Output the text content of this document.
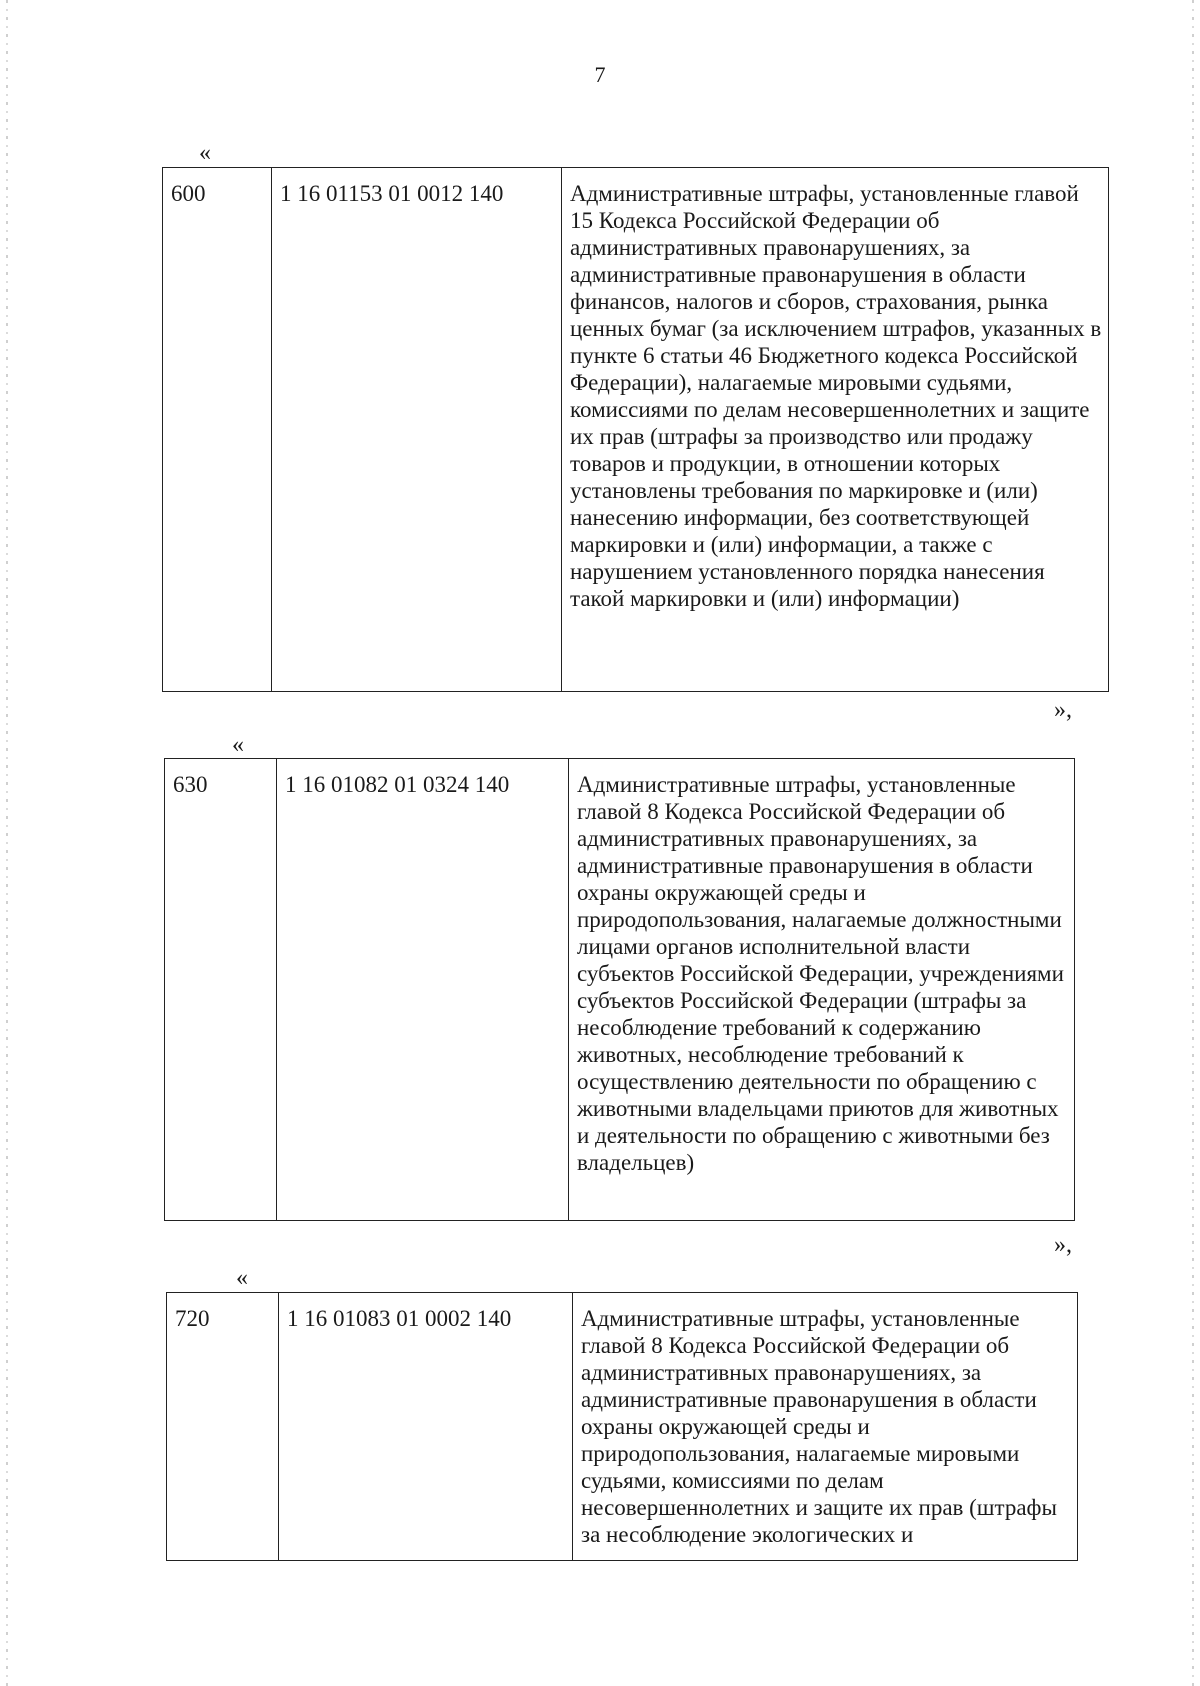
7
«
600	1 16 01153 01 0012 140	Административные штрафы, установленные главой 15 Кодекса Российской Федерации об административных правонарушениях, за административные правонарушения в области финансов, налогов и сборов, страхования, рынка ценных бумаг (за исключением штрафов, указанных в пункте 6 статьи 46 Бюджетного кодекса Российской Федерации), налагаемые мировыми судьями, комиссиями по делам несовершеннолетних и защите их прав (штрафы за производство или продажу товаров и продукции, в отношении которых установлены требования по маркировке и (или) нанесению информации, без соответствующей маркировки и (или) информации, а также с нарушением установленного порядка нанесения такой маркировки и (или) информации)
»,
«
630	1 16 01082 01 0324 140	Административные штрафы, установленные главой 8 Кодекса Российской Федерации об административных правонарушениях, за административные правонарушения в области охраны окружающей среды и природопользования, налагаемые должностными лицами органов исполнительной власти субъектов Российской Федерации, учреждениями субъектов Российской Федерации (штрафы за несоблюдение требований к содержанию животных, несоблюдение требований к осуществлению деятельности по обращению с животными владельцами приютов для животных и деятельности по обращению с животными без владельцев)
»,
«
720	1 16 01083 01 0002 140	Административные штрафы, установленные главой 8 Кодекса Российской Федерации об административных правонарушениях, за административные правонарушения в области охраны окружающей среды и природопользования, налагаемые мировыми судьями, комиссиями по делам несовершеннолетних и защите их прав (штрафы за несоблюдение экологических и
